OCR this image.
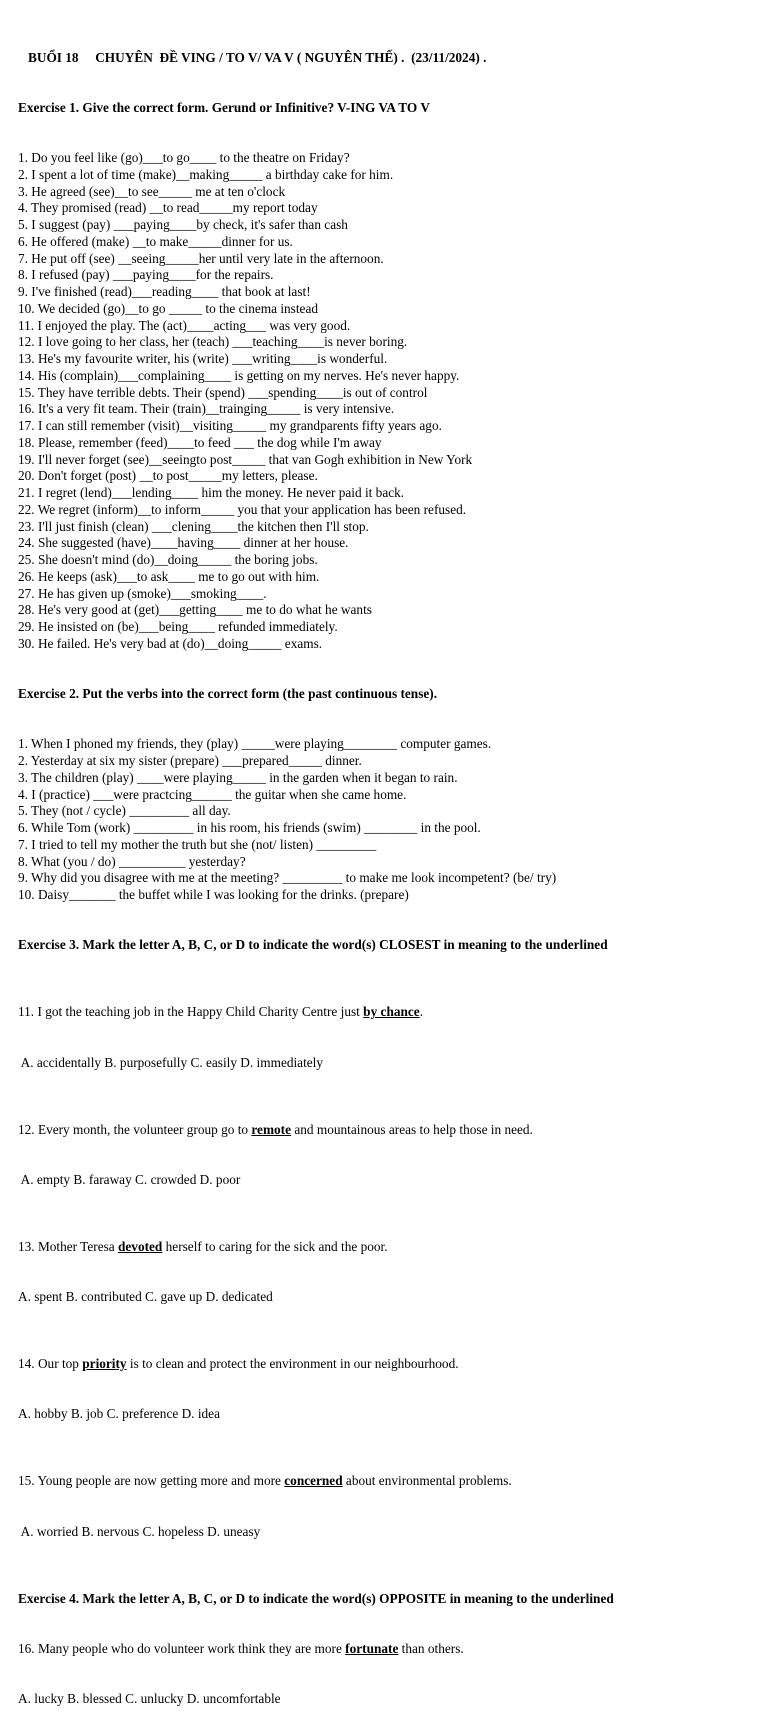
BUỔI 18     CHUYÊN  ĐỀ VING / TO V/ VA V ( NGUYÊN THẾ) .  (23/11/2024) .

Exercise 1. Give the correct form. Gerund or Infinitive? V-ING VA TO V

1. Do you feel like (go)___to go____ to the theatre on Friday?
2. I spent a lot of time (make)__making_____ a birthday cake for him.
3. He agreed (see)__to see_____ me at ten o'clock
4. They promised (read) __to read_____my report today
5. I suggest (pay) ___paying____by check, it's safer than cash
6. He offered (make) __to make_____dinner for us.
7. He put off (see) __seeing_____her until very late in the afternoon.
8. I refused (pay) ___paying____for the repairs.
9. I've finished (read)___reading____ that book at last!
10. We decided (go)__to go _____ to the cinema instead
11. I enjoyed the play. The (act)____acting___ was very good.
12. I love going to her class, her (teach) ___teaching____is never boring.
13. He's my favourite writer, his (write) ___writing____is wonderful.
14. His (complain)___complaining____ is getting on my nerves. He's never happy.
15. They have terrible debts. Their (spend) ___spending____is out of control
16. It's a very fit team. Their (train)__trainging_____ is very intensive.
17. I can still remember (visit)__visiting_____ my grandparents fifty years ago.
18. Please, remember (feed)____to feed ___ the dog while I'm away
19. I'll never forget (see)__seeingto post_____ that van Gogh exhibition in New York
20. Don't forget (post) __to post_____my letters, please.
21. I regret (lend)___lending____ him the money. He never paid it back.
22. We regret (inform)__to inform_____ you that your application has been refused.
23. I'll just finish (clean) ___clening____the kitchen then I'll stop.
24. She suggested (have)____having____ dinner at her house.
25. She doesn't mind (do)__doing_____ the boring jobs.
26. He keeps (ask)___to ask____ me to go out with him.
27. He has given up (smoke)___smoking____.
28. He's very good at (get)___getting____ me to do what he wants
29. He insisted on (be)___being____ refunded immediately.
30. He failed. He's very bad at (do)__doing_____ exams.

Exercise 2. Put the verbs into the correct form (the past continuous tense).

1. When I phoned my friends, they (play) _____were playing________ computer games.
2. Yesterday at six my sister (prepare) ___prepared_____ dinner.
3. The children (play) ____were playing_____ in the garden when it began to rain.
4. I (practice) ___were practcing______ the guitar when she came home.
5. They (not / cycle) _________ all day.
6. While Tom (work) _________ in his room, his friends (swim) ________ in the pool.
7. I tried to tell my mother the truth but she (not/ listen) _________
8. What (you / do) __________ yesterday?
9. Why did you disagree with me at the meeting? _________ to make me look incompetent? (be/ try)
10. Daisy_______ the buffet while I was looking for the drinks. (prepare)

Exercise 3. Mark the letter A, B, C, or D to indicate the word(s) CLOSEST in meaning to the underlined

11. I got the teaching job in the Happy Child Charity Centre just by chance.

A. accidentally B. purposefully C. easily D. immediately

12. Every month, the volunteer group go to remote and mountainous areas to help those in need.

A. empty B. faraway C. crowded D. poor

13. Mother Teresa devoted herself to caring for the sick and the poor.

A. spent B. contributed C. gave up D. dedicated

14. Our top priority is to clean and protect the environment in our neighbourhood.

A. hobby B. job C. preference D. idea

15. Young people are now getting more and more concerned about environmental problems.

A. worried B. nervous C. hopeless D. uneasy

Exercise 4. Mark the letter A, B, C, or D to indicate the word(s) OPPOSITE in meaning to the underlined

16. Many people who do volunteer work think they are more fortunate than others.

A. lucky B. blessed C. unlucky D. uncomfortable
